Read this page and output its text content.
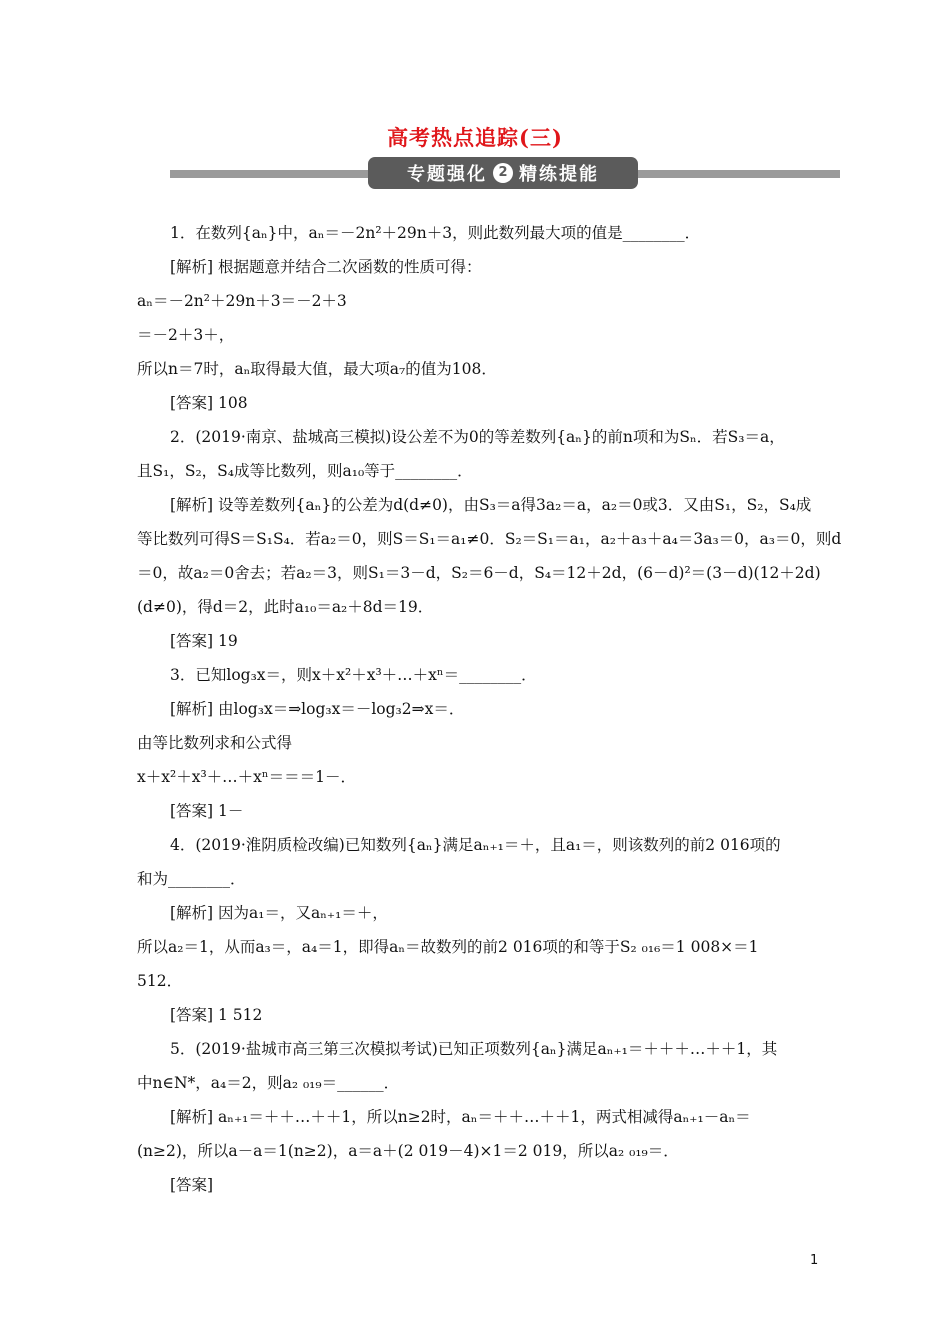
高考热点追踪(三)
专题强化 2 精练提能

1．在数列{aₙ}中，aₙ＝－2n²＋29n＋3，则此数列最大项的值是________．

[解析] 根据题意并结合二次函数的性质可得：

aₙ＝－2n²＋29n＋3＝－2＋3

＝－2＋3＋，

所以n＝7时，aₙ取得最大值，最大项a₇的值为108．

[答案] 108

2．(2019·南京、盐城高三模拟)设公差不为0的等差数列{aₙ}的前n项和为Sₙ．若S₃＝a，

且S₁，S₂，S₄成等比数列，则a₁₀等于________．

[解析] 设等差数列{aₙ}的公差为d(d≠0)，由S₃＝a得3a₂＝a，a₂＝0或3．又由S₁，S₂，S₄成

等比数列可得S＝S₁S₄．若a₂＝0，则S＝S₁＝a₁≠0．S₂＝S₁＝a₁，a₂＋a₃＋a₄＝3a₃＝0，a₃＝0，则d

＝0，故a₂＝0舍去；若a₂＝3，则S₁＝3－d，S₂＝6－d，S₄＝12＋2d，(6－d)²＝(3－d)(12＋2d)

(d≠0)，得d＝2，此时a₁₀＝a₂＋8d＝19．

[答案] 19

3．已知log₃x＝，则x＋x²＋x³＋…＋xⁿ＝________．

[解析] 由log₃x＝⇒log₃x＝－log₃2⇒x＝．

由等比数列求和公式得

x＋x²＋x³＋…＋xⁿ＝＝＝1－．

[答案] 1－

4．(2019·淮阴质检改编)已知数列{aₙ}满足aₙ₊₁＝＋，且a₁＝，则该数列的前2 016项的

和为________．

[解析] 因为a₁＝，又aₙ₊₁＝＋，

所以a₂＝1，从而a₃＝，a₄＝1，即得aₙ＝故数列的前2 016项的和等于S₂ ₀₁₆＝1 008×＝1

512．

[答案] 1 512

5．(2019·盐城市高三第三次模拟考试)已知正项数列{aₙ}满足aₙ₊₁＝＋＋＋…＋＋1，其

中n∈N*，a₄＝2，则a₂ ₀₁₉＝______．

[解析] aₙ₊₁＝＋＋…＋＋1，所以n≥2时，aₙ＝＋＋…＋＋1，两式相减得aₙ₊₁－aₙ＝

(n≥2)，所以a－a＝1(n≥2)，a＝a＋(2 019－4)×1＝2 019，所以a₂ ₀₁₉＝．

[答案]

1
